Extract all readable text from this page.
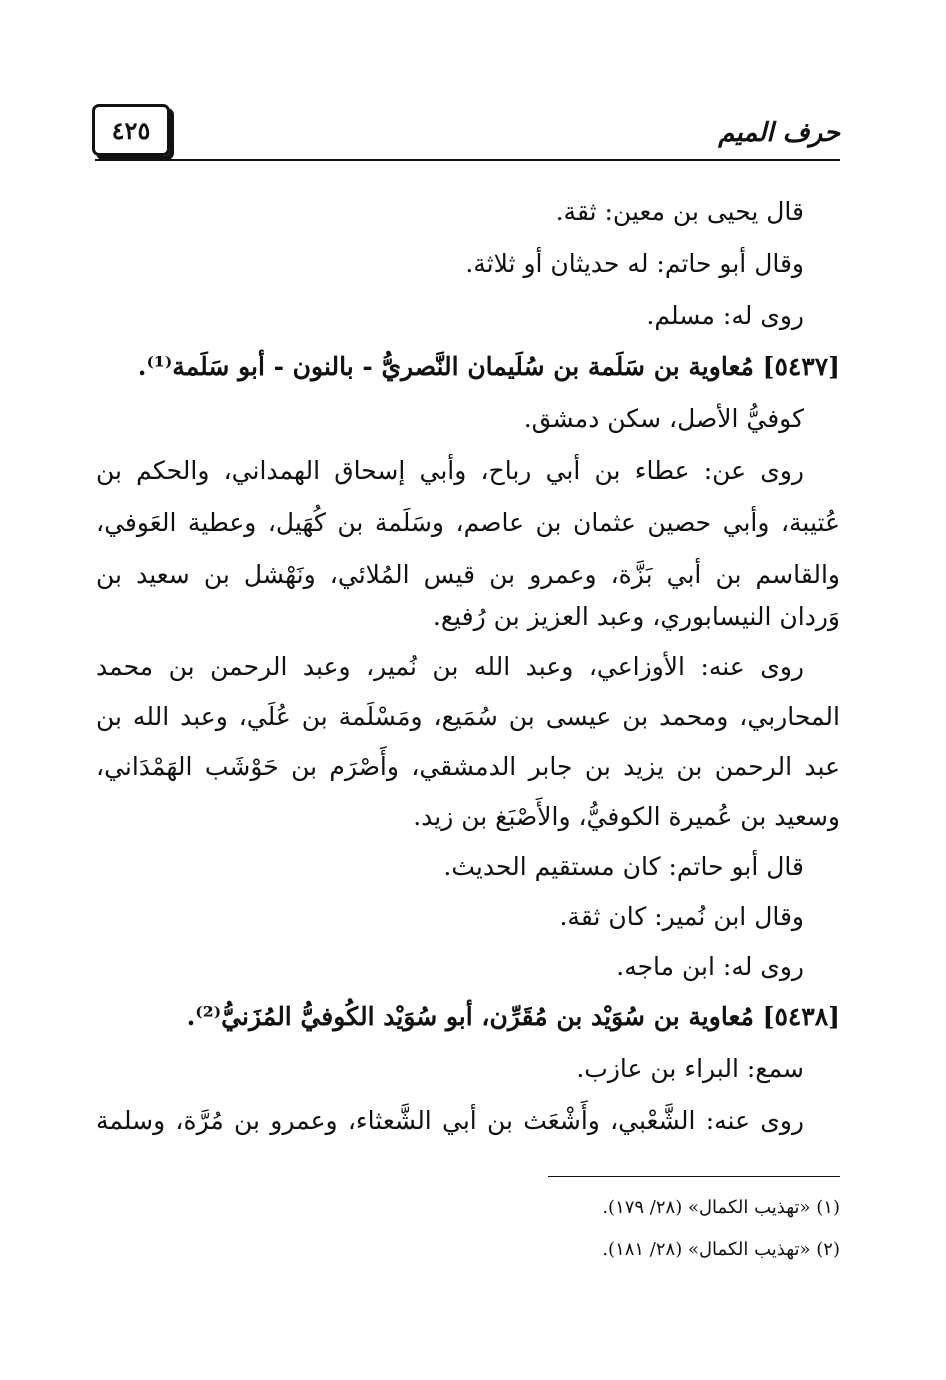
حرف الميم
٤٢٥
قال يحيى بن معين: ثقة.
وقال أبو حاتم: له حديثان أو ثلاثة.
روى له: مسلم.
[٥٤٣٧] مُعاوية بن سَلَمة بن سُلَيمان النَّصريُّ - بالنون - أبو سَلَمة⁽¹⁾.
كوفيُّ الأصل، سكن دمشق.
روى عن: عطاء بن أبي رباح، وأبي إسحاق الهمداني، والحكم بن
عُتيبة، وأبي حصين عثمان بن عاصم، وسَلَمة بن كُهَيل، وعطية العَوفي،
والقاسم بن أبي بَزَّة، وعمرو بن قيس المُلائي، ونَهْشل بن سعيد بن
وَردان النيسابوري، وعبد العزيز بن رُفيع.
روى عنه: الأوزاعي، وعبد الله بن نُمير، وعبد الرحمن بن محمد
المحاربي، ومحمد بن عيسى بن سُمَيع، ومَسْلَمة بن عُلَي، وعبد الله بن
عبد الرحمن بن يزيد بن جابر الدمشقي، وأَصْرَم بن حَوْشَب الهَمْدَاني،
وسعيد بن عُميرة الكوفيُّ، والأَصْبَغ بن زيد.
قال أبو حاتم: كان مستقيم الحديث.
وقال ابن نُمير: كان ثقة.
روى له: ابن ماجه.
[٥٤٣٨] مُعاوية بن سُوَيْد بن مُقَرِّن، أبو سُوَيْد الكُوفيُّ المُزَنيُّ⁽²⁾.
سمع: البراء بن عازب.
روى عنه: الشَّعْبي، وأَشْعَث بن أبي الشَّعثاء، وعمرو بن مُرَّة، وسلمة
(١) «تهذيب الكمال» (٢٨/ ١٧٩).
(٢) «تهذيب الكمال» (٢٨/ ١٨١).
